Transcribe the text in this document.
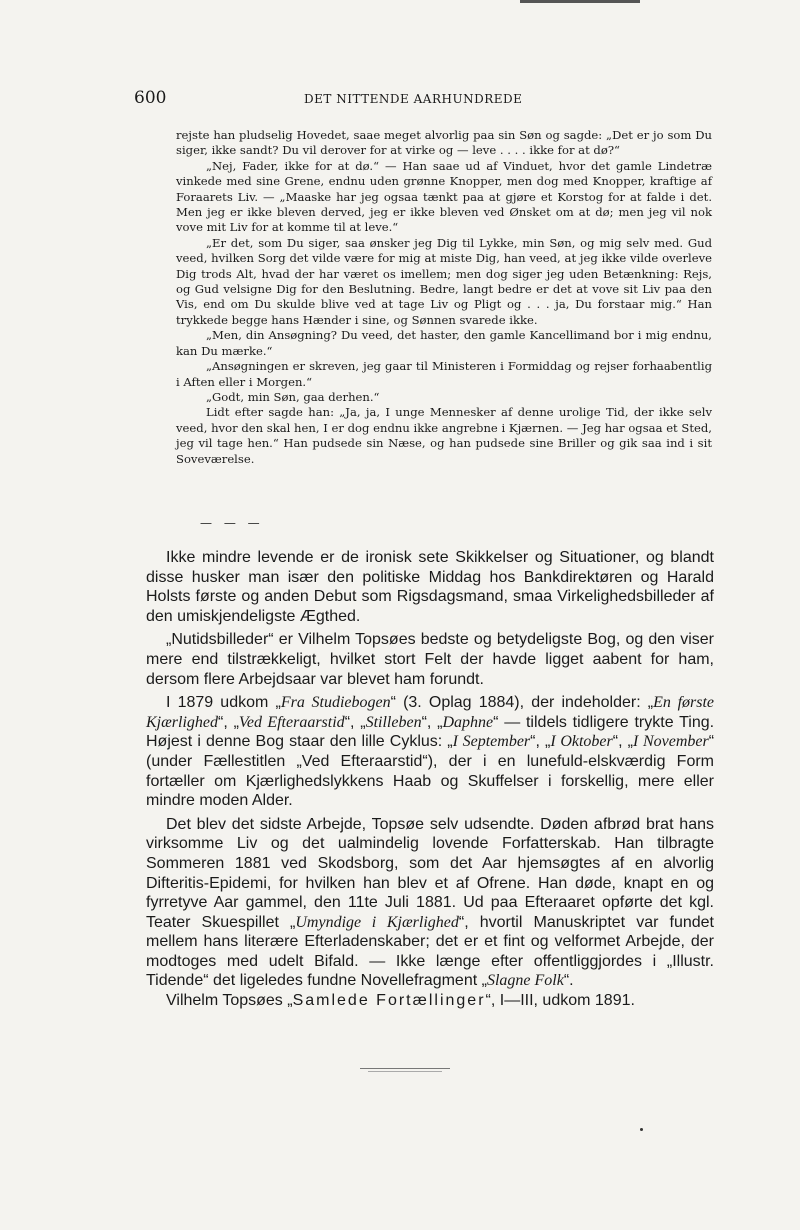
600	DET NITTENDE AARHUNDREDE

rejste han pludselig Hovedet, saae meget alvorlig paa sin Søn og sagde: „Det er jo som Du siger, ikke sandt? Du vil derover for at virke og — leve . . . . ikke for at dø?“

„Nej, Fader, ikke for at dø.“ — Han saae ud af Vinduet, hvor det gamle Lindetræ vinkede med sine Grene, endnu uden grønne Knopper, men dog med Knopper, kraftige af Foraarets Liv. — „Maaske har jeg ogsaa tænkt paa at gjøre et Korstog for at falde i det. Men jeg er ikke bleven derved, jeg er ikke bleven ved Ønsket om at dø; men jeg vil nok vove mit Liv for at komme til at leve.“

„Er det, som Du siger, saa ønsker jeg Dig til Lykke, min Søn, og mig selv med. Gud veed, hvilken Sorg det vilde være for mig at miste Dig, han veed, at jeg ikke vilde overleve Dig trods Alt, hvad der har været os imellem; men dog siger jeg uden Betænkning: Rejs, og Gud velsigne Dig for den Beslutning. Bedre, langt bedre er det at vove sit Liv paa den Vis, end om Du skulde blive ved at tage Liv og Pligt og . . . ja, Du forstaar mig.“ Han trykkede begge hans Hænder i sine, og Sønnen svarede ikke.

„Men, din Ansøgning? Du veed, det haster, den gamle Kancellimand bor i mig endnu, kan Du mærke.“

„Ansøgningen er skreven, jeg gaar til Ministeren i Formiddag og rejser forhaabentlig i Aften eller i Morgen.“

„Godt, min Søn, gaa derhen.“

Lidt efter sagde han: „Ja, ja, I unge Mennesker af denne urolige Tid, der ikke selv veed, hvor den skal hen, I er dog endnu ikke angrebne i Kjærnen. — Jeg har ogsaa et Sted, jeg vil tage hen.“ Han pudsede sin Næse, og han pudsede sine Briller og gik saa ind i sit Soveværelse.

— — —

Ikke mindre levende er de ironisk sete Skikkelser og Situationer, og blandt disse husker man især den politiske Middag hos Bankdirektøren og Harald Holsts første og anden Debut som Rigsdagsmand, smaa Virkelighedsbilleder af den umiskjendeligste Ægthed.

„Nutidsbilleder“ er Vilhelm Topsøes bedste og betydeligste Bog, og den viser mere end tilstrækkeligt, hvilket stort Felt der havde ligget aabent for ham, dersom flere Arbejdsaar var blevet ham forundt.

I 1879 udkom „Fra Studiebogen“ (3. Oplag 1884), der indeholder: „En første Kjærlighed“, „Ved Efteraarstid“, „Stilleben“, „Daphne“ — tildels tidligere trykte Ting. Højest i denne Bog staar den lille Cyklus: „I September“, „I Oktober“, „I November“ (under Fællestitlen „Ved Efteraarstid“), der i en lunefuld-elskværdig Form fortæller om Kjærlighedslykkens Haab og Skuffelser i forskellig, mere eller mindre moden Alder.

Det blev det sidste Arbejde, Topsøe selv udsendte. Døden afbrød brat hans virksomme Liv og det ualmindelig lovende Forfatterskab. Han tilbragte Sommeren 1881 ved Skodsborg, som det Aar hjemsøgtes af en alvorlig Difteritis-Epidemi, for hvilken han blev et af Ofrene. Han døde, knapt en og fyrretyve Aar gammel, den 11te Juli 1881. Ud paa Efteraaret opførte det kgl. Teater Skuespillet „Umyndige i Kjærlighed“, hvortil Manuskriptet var fundet mellem hans literære Efterladenskaber; det er et fint og velformet Arbejde, der modtoges med udelt Bifald. — Ikke længe efter offentliggjordes i „Illustr. Tidende“ det ligeledes fundne Novellefragment „Slagne Folk“.

Vilhelm Topsøes „Samlede Fortællinger“, I—III, udkom 1891.
